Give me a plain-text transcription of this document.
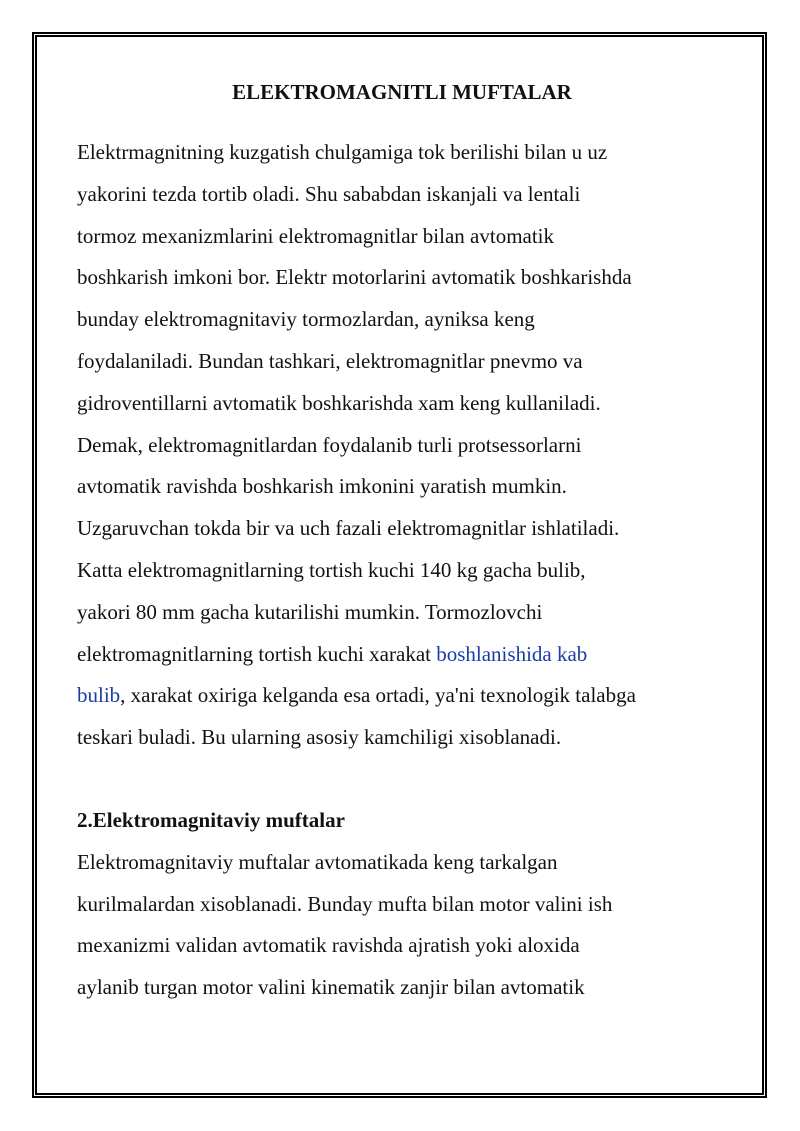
ELEKTROMAGNITLI MUFTALAR
Elektrmagnitning kuzgatish chulgamiga tok berilishi bilan u uz
yakorini tezda tortib oladi. Shu sababdan iskanjali va lentali
tormoz mexanizmlarini elektromagnitlar bilan avtomatik
boshkarish imkoni bor. Elektr motorlarini avtomatik boshkarishda
bunday elektromagnitaviy tormozlardan, ayniksa keng
foydalaniladi. Bundan tashkari, elektromagnitlar pnevmo va
gidroventillarni avtomatik boshkarishda xam keng kullaniladi.
Demak, elektromagnitlardan foydalanib turli protsessorlarni
avtomatik ravishda boshkarish imkonini yaratish mumkin.
Uzgaruvchan tokda bir va uch fazali elektromagnitlar ishlatiladi.
Katta elektromagnitlarning tortish kuchi 140 kg gacha bulib,
yakori 80 mm gacha kutarilishi mumkin. Tormozlovchi
elektromagnitlarning tortish kuchi xarakat boshlanishida kab
bulib, xarakat oxiriga kelganda esa ortadi, ya'ni texnologik talabga
teskari buladi. Bu ularning asosiy kamchiligi xisoblanadi.
2.Elektromagnitaviy muftalar
Elektromagnitaviy muftalar avtomatikada keng tarkalgan
kurilmalardan xisoblanadi. Bunday mufta bilan motor valini ish
mexanizmi validan avtomatik ravishda ajratish yoki aloxida
aylanib turgan motor valini kinematik zanjir bilan avtomatik
